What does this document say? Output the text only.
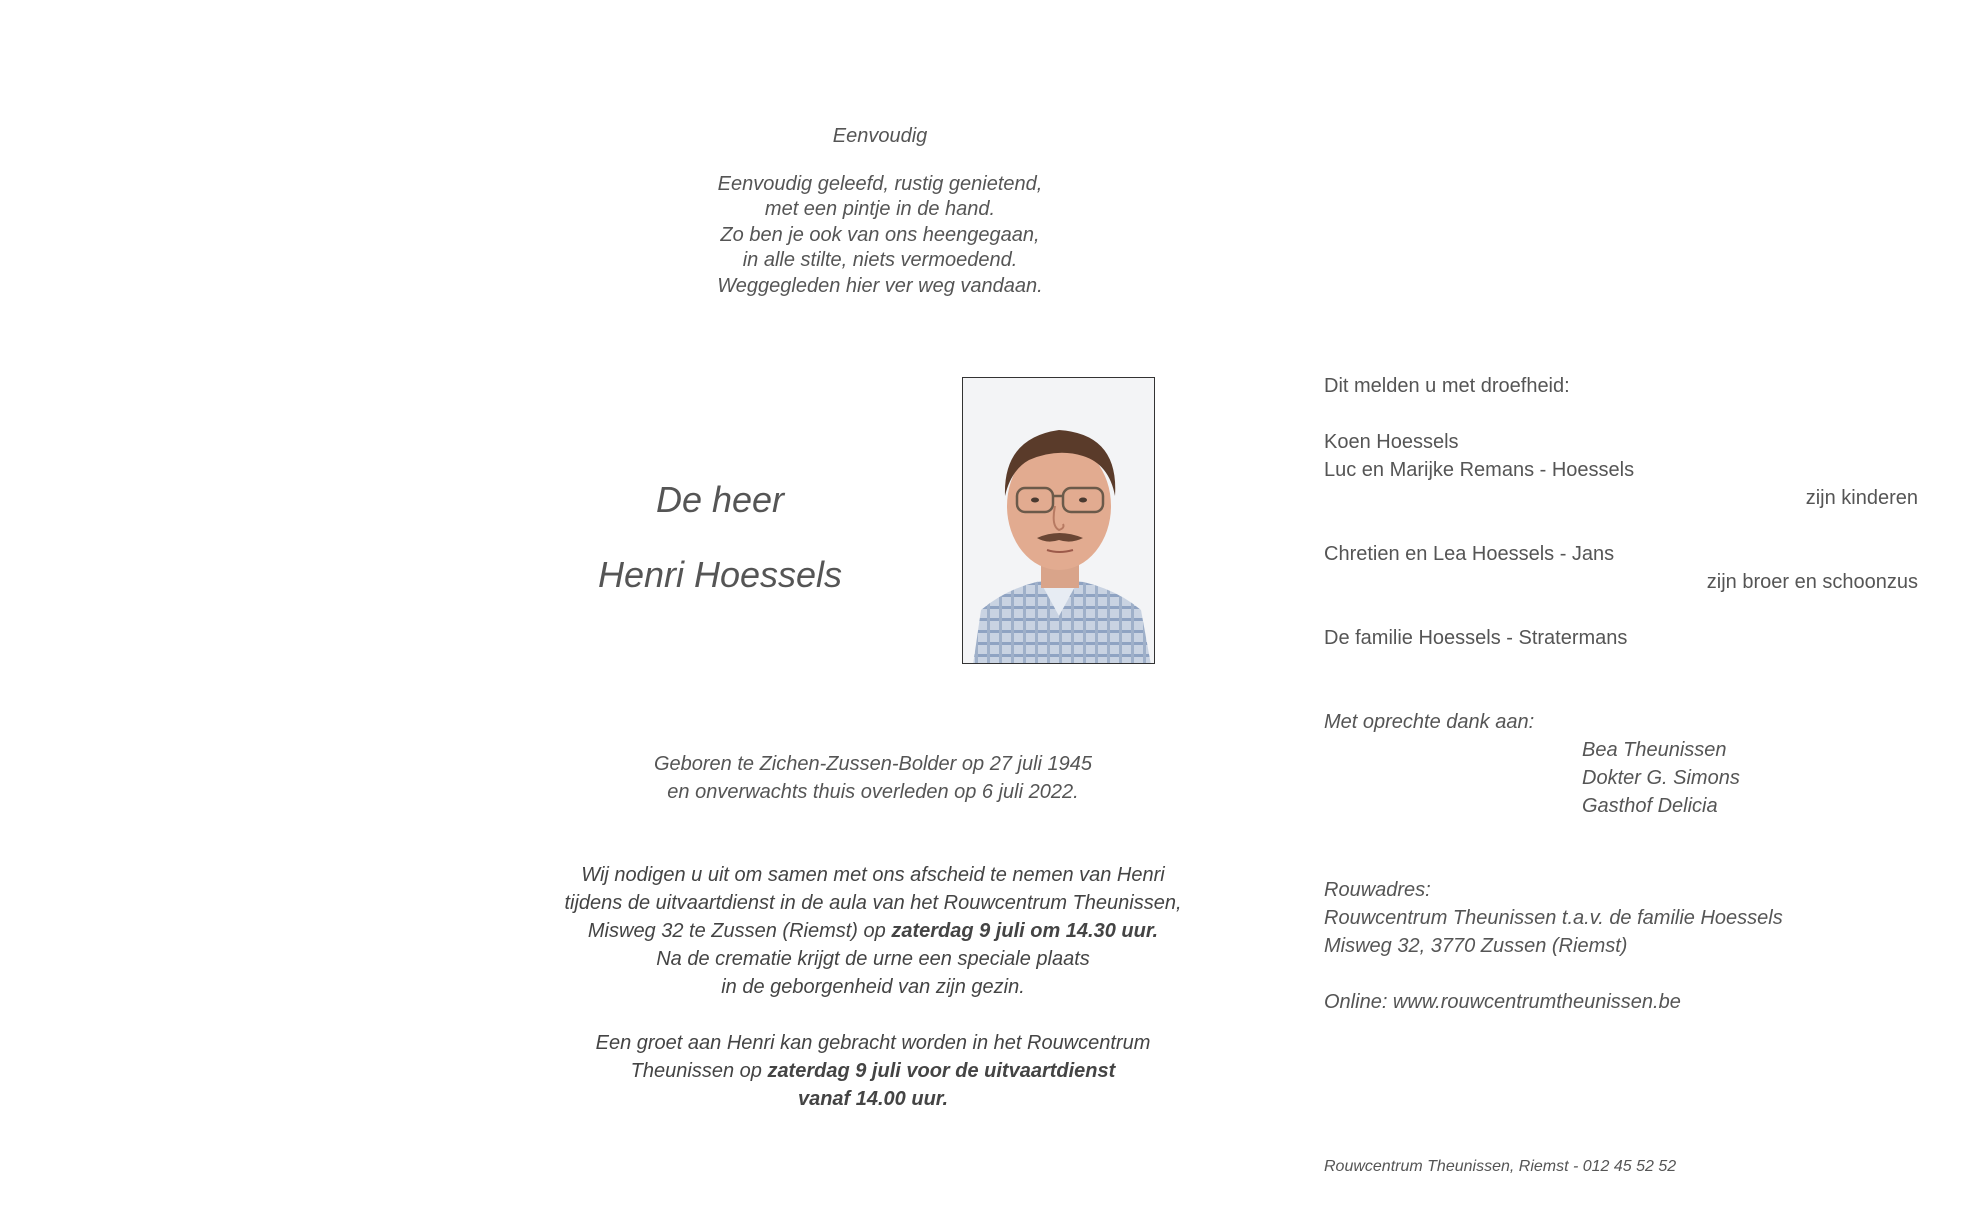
Eenvoudig
Eenvoudig geleefd, rustig genietend,
met een pintje in de hand.
Zo ben je ook van ons heengegaan,
in alle stilte, niets vermoedend.
Weggegleden hier ver weg vandaan.
De heer
Henri Hoessels
Geboren te Zichen-Zussen-Bolder op 27 juli 1945
en onverwachts thuis overleden op 6 juli 2022.
Wij nodigen u uit om samen met ons afscheid te nemen van Henri
tijdens de uitvaartdienst in de aula van het Rouwcentrum Theunissen,
Misweg 32 te Zussen (Riemst) op zaterdag 9 juli om 14.30 uur.
Na de crematie krijgt de urne een speciale plaats
in de geborgenheid van zijn gezin.
Een groet aan Henri kan gebracht worden in het Rouwcentrum
Theunissen op zaterdag 9 juli voor de uitvaartdienst
vanaf 14.00 uur.
Dit melden u met droefheid:
Koen Hoessels
Luc en Marijke Remans - Hoessels
zijn kinderen
Chretien en Lea Hoessels - Jans
zijn broer en schoonzus
De familie Hoessels - Stratermans
Met oprechte dank aan:
Bea Theunissen
Dokter G. Simons
Gasthof Delicia
Rouwadres:
Rouwcentrum Theunissen t.a.v. de familie Hoessels
Misweg 32, 3770 Zussen (Riemst)
Online: www.rouwcentrumtheunissen.be
Rouwcentrum Theunissen, Riemst - 012 45 52 52
